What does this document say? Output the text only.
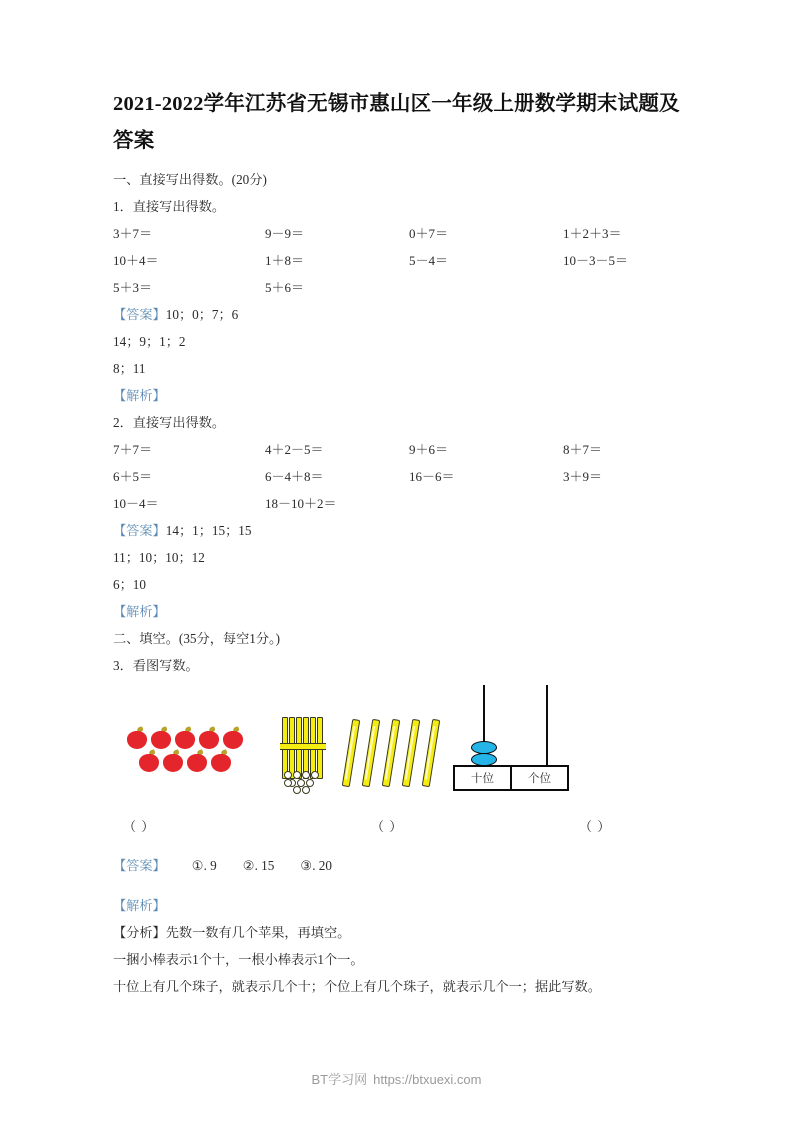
2021-2022学年江苏省无锡市惠山区一年级上册数学期末试题及答案

一、直接写出得数。(20分)

1．直接写出得数。

3＋7＝	9－9＝	0＋7＝	1＋2＋3＝
10＋4＝	1＋8＝	5－4＝	10－3－5＝
5＋3＝	5＋6＝

【答案】10；0；7；6

14；9；1；2

8；11

【解析】

2．直接写出得数。

7＋7＝	4＋2－5＝	9＋6＝	8＋7＝
6＋5＝	6－4＋8＝	16－6＝	3＋9＝
10－4＝	18－10＋2＝

【答案】14；1；15；15

11；10；10；12

6；10

【解析】

二、填空。(35分，每空1分。)

3．看图写数。

十位	个位
（ ）	（ ）	（ ）

【答案】 ①. 9 ②. 15 ③. 20

【解析】

【分析】先数一数有几个苹果，再填空。

一捆小棒表示1个十，一根小棒表示1个一。

十位上有几个珠子，就表示几个十；个位上有几个珠子，就表示几个一；据此写数。

BT学习网 https://btxuexi.com
